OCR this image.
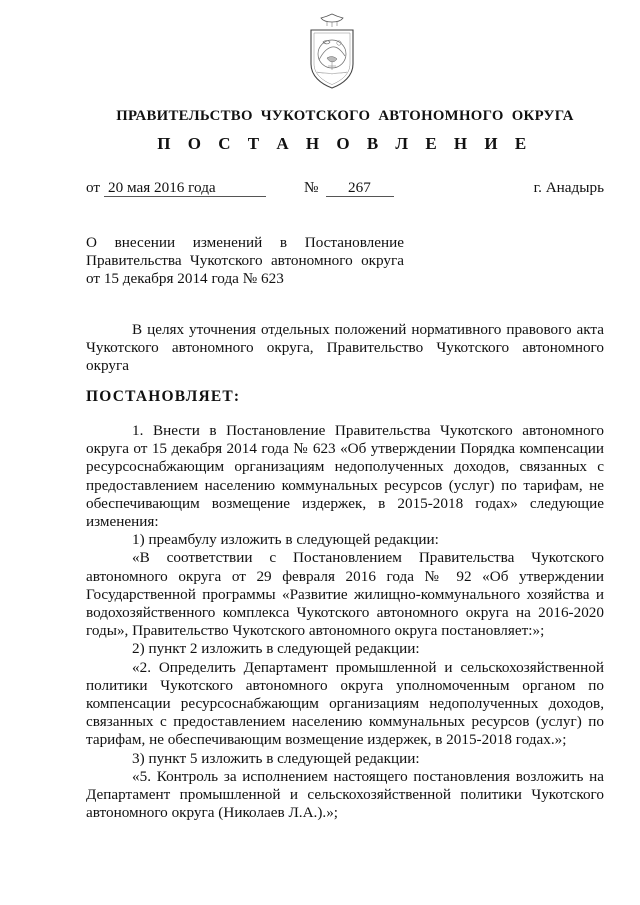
ПРАВИТЕЛЬСТВО ЧУКОТСКОГО АВТОНОМНОГО ОКРУГА
П О С Т А Н О В Л Е Н И Е
от 20 мая 2016 года	№ 267	г. Анадырь

О внесении изменений в Постановление

Правительства Чукотского автономного округа

от 15 декабря 2014 года № 623

В целях уточнения отдельных положений нормативного правового акта

Чукотского автономного округа, Правительство Чукотского автономного

округа

ПОСТАНОВЛЯЕТ:

1. Внести в Постановление Правительства Чукотского автономного

округа от 15 декабря 2014 года № 623 «Об утверждении Порядка компенсации

ресурсоснабжающим организациям недополученных доходов, связанных с

предоставлением населению коммунальных ресурсов (услуг) по тарифам, не

обеспечивающим возмещение издержек, в 2015-2018 годах» следующие

изменения:

1) преамбулу изложить в следующей редакции:

«В соответствии с Постановлением Правительства Чукотского

автономного округа от 29 февраля 2016 года № 92 «Об утверждении

Государственной программы «Развитие жилищно-коммунального хозяйства и

водохозяйственного комплекса Чукотского автономного округа на 2016-2020

годы», Правительство Чукотского автономного округа постановляет:»;

2) пункт 2 изложить в следующей редакции:

«2. Определить Департамент промышленной и сельскохозяйственной

политики Чукотского автономного округа уполномоченным органом по

компенсации ресурсоснабжающим организациям недополученных доходов,

связанных с предоставлением населению коммунальных ресурсов (услуг) по

тарифам, не обеспечивающим возмещение издержек, в 2015-2018 годах.»;

3) пункт 5 изложить в следующей редакции:

«5. Контроль за исполнением настоящего постановления возложить на

Департамент промышленной и сельскохозяйственной политики Чукотского

автономного округа (Николаев Л.А.).»;
